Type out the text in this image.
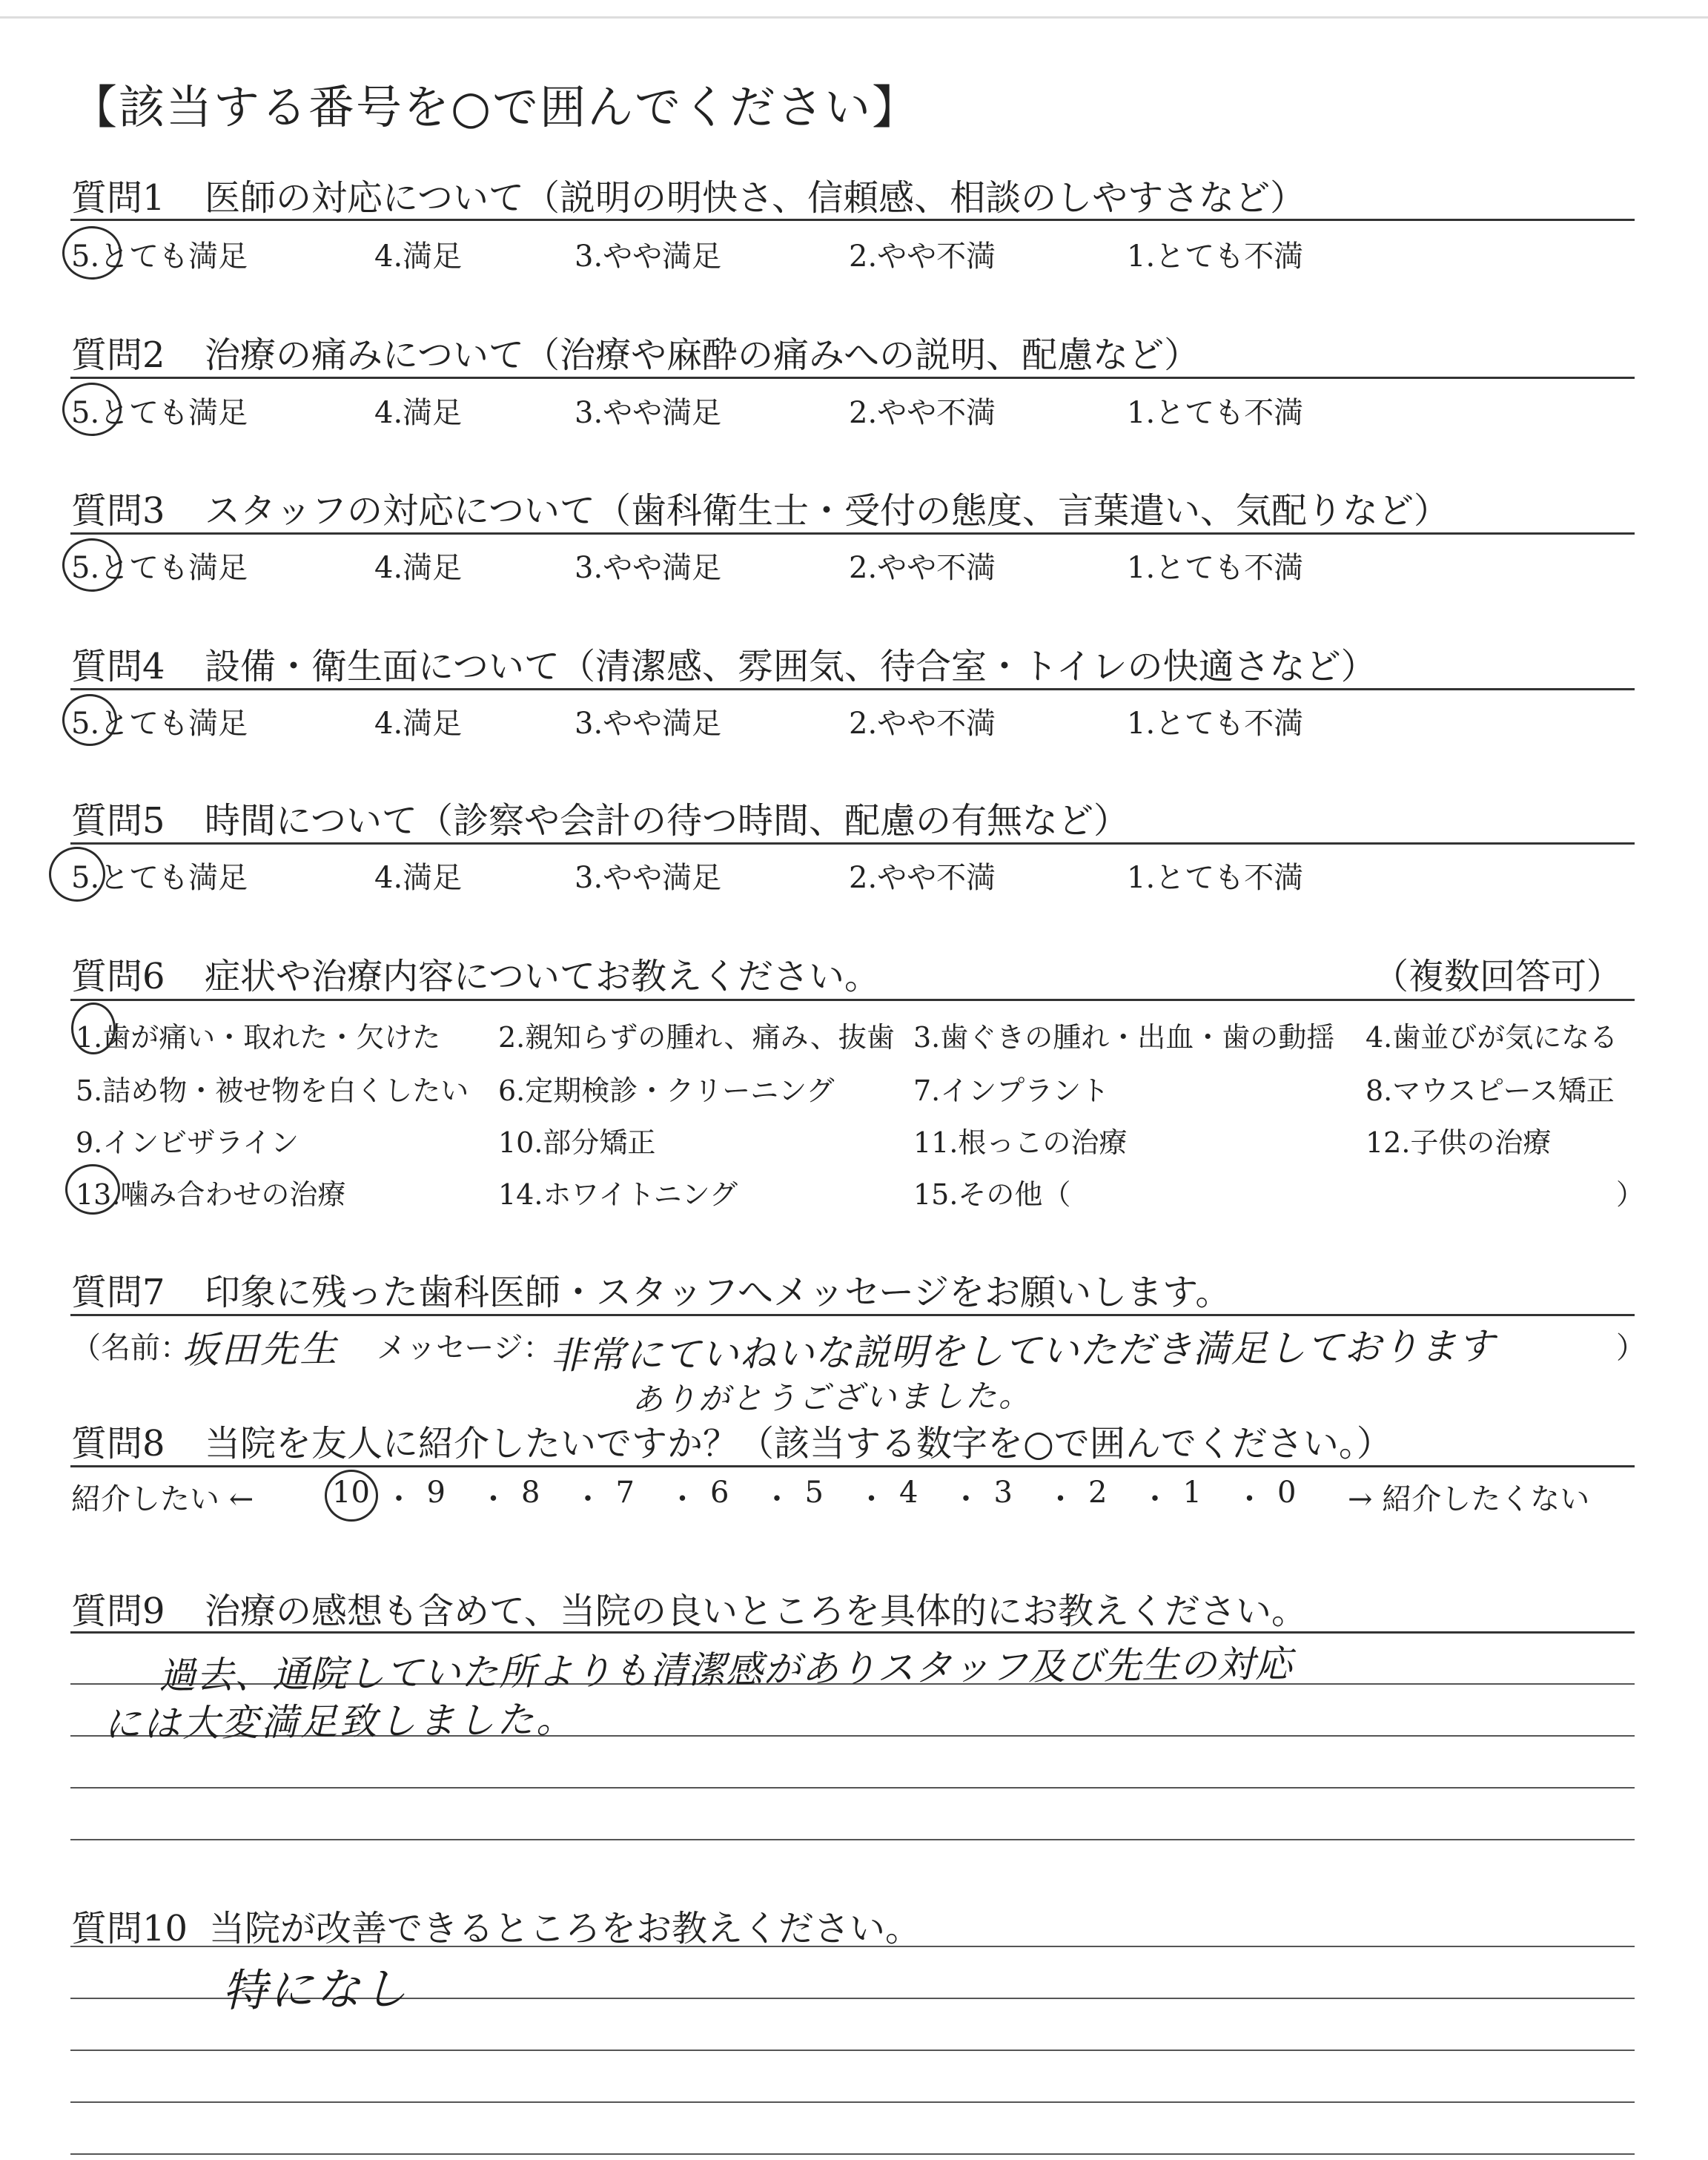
【該当する番号を○で囲んでください】
質問1 医師の対応について（説明の明快さ、信頼感、相談のしやすさなど）
質問2 治療の痛みについて（治療や麻酔の痛みへの説明、配慮など）
質問3 スタッフの対応について（歯科衛生士・受付の態度、言葉遣い、気配りなど）
質問4 設備・衛生面について（清潔感、雰囲気、待合室・トイレの快適さなど）
質問5 時間について（診察や会計の待つ時間、配慮の有無など）
質問6 症状や治療内容についてお教えください。	（複数回答可）
1.歯が痛い・取れた・欠けた 2.親知らずの腫れ、痛み、抜歯 3.歯ぐきの腫れ・出血・歯の動揺 4.歯並びが気になる
5.詰め物・被せ物を白くしたい 6.定期検診・クリーニング	7.インプラント	8.マウスピース矯正
9.インビザライン	10.部分矯正	11.根っこの治療	12.子供の治療
13.噛み合わせの治療	14.ホワイトニング	15.その他（	）
質問7 印象に残った歯科医師・スタッフへメッセージをお願いします。
（名前：
坂田先生 メッセージ：
非常にていねいな説明をしていただき満足しております
ありがとうございました。
）
質問8 当院を友人に紹介したいですか？（該当する数字を○で囲んでください。）
紹介したい ←	10 ・ 9 ・ 8 ・ 7 ・ 6 ・ 5 ・ 4 ・ 3 ・ 2 ・ 1 ・ 0 → 紹介したくない
質問9 治療の感想も含めて、当院の良いところを具体的にお教えください。
過去、通院していた所よりも清潔感がありスタッフ及び先生の対応
には大変満足致しました。
質問10 当院が改善できるところをお教えください。
特になし
5.とても満足	4.満足	3.やや満足	2.やや不満	1.とても不満
5.とても満足	4.満足	3.やや満足	2.やや不満	1.とても不満
5.とても満足	4.満足	3.やや満足	2.やや不満	1.とても不満
5.とても満足	4.満足	3.やや満足	2.やや不満	1.とても不満
5.とても満足	4.満足	3.やや満足	2.やや不満	1.とても不満
